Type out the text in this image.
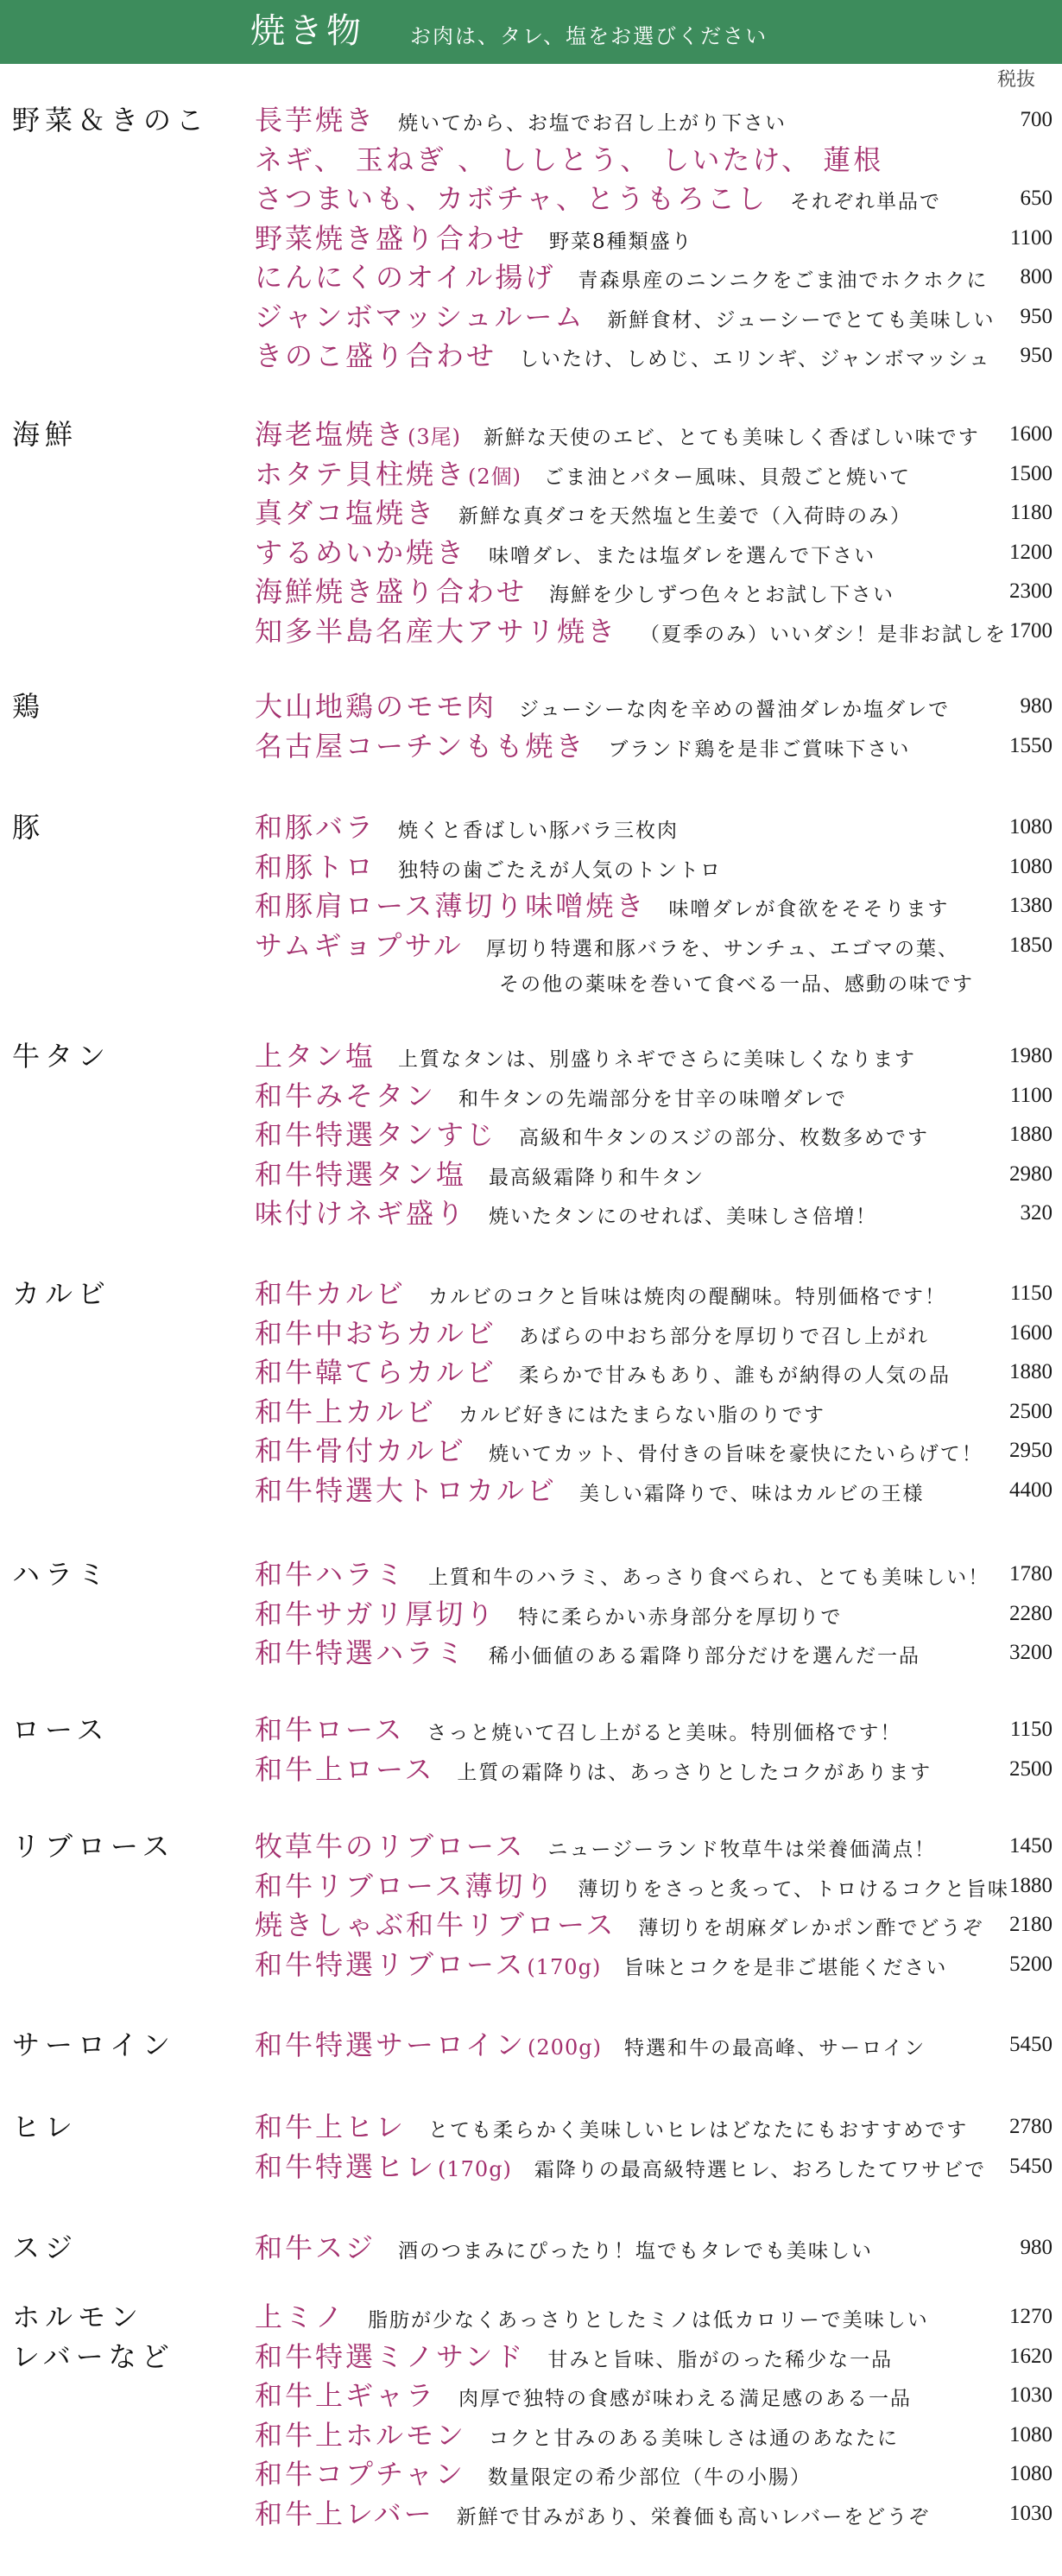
焼き物 お肉は、タレ、塩をお選びください
税抜
野菜＆きのこ 長芋焼き 焼いてから、お塩でお召し上がり下さい	700
ネギ、 玉ねぎ 、 ししとう、 しいたけ、 蓮根
さつまいも、カボチャ、とうもろこし それぞれ単品で	650
野菜焼き盛り合わせ 野菜8種類盛り	1100
にんにくのオイル揚げ 青森県産のニンニクをごま油でホクホクに 800
ジャンボマッシュルーム 新鮮食材、ジューシーでとても美味しい 950
きのこ盛り合わせ しいたけ、しめじ、エリンギ、ジャンボマッシュ 950
海鮮	海老塩焼き(3尾) 新鮮な天使のエビ、とても美味しく香ばしい味です 1600
ホタテ貝柱焼き(2個) ごま油とバター風味、貝殻ごと焼いて	1500
真ダコ塩焼き 新鮮な真ダコを天然塩と生姜で（入荷時のみ）	1180
するめいか焼き 味噌ダレ、または塩ダレを選んで下さい	1200
海鮮焼き盛り合わせ 海鮮を少しずつ色々とお試し下さい	2300
知多半島名産大アサリ焼き （夏季のみ）いいダシ！是非お試しを 1700
鶏	大山地鶏のモモ肉 ジューシーな肉を辛めの醤油ダレか塩ダレで	980
名古屋コーチンもも焼き ブランド鶏を是非ご賞味下さい	1550
豚	和豚バラ 焼くと香ばしい豚バラ三枚肉	1080
和豚トロ 独特の歯ごたえが人気のトントロ	1080
和豚肩ロース薄切り味噌焼き 味噌ダレが食欲をそそります	1380
サムギョプサル 厚切り特選和豚バラを、サンチュ、エゴマの葉、 1850
その他の薬味を巻いて食べる一品、感動の味です
牛タン	上タン塩 上質なタンは、別盛りネギでさらに美味しくなります	1980
和牛みそタン 和牛タンの先端部分を甘辛の味噌ダレで	1100
和牛特選タンすじ 高級和牛タンのスジの部分、枚数多めです	1880
和牛特選タン塩 最高級霜降り和牛タン	2980
味付けネギ盛り 焼いたタンにのせれば、美味しさ倍増！	320
カルビ	和牛カルビ カルビのコクと旨味は焼肉の醍醐味。特別価格です！	1150
和牛中おちカルビ あばらの中おち部分を厚切りで召し上がれ	1600
和牛韓てらカルビ 柔らかで甘みもあり、誰もが納得の人気の品	1880
和牛上カルビ カルビ好きにはたまらない脂のりです	2500
和牛骨付カルビ 焼いてカット、骨付きの旨味を豪快にたいらげて！ 2950
和牛特選大トロカルビ 美しい霜降りで、味はカルビの王様	4400
ハラミ	和牛ハラミ 上質和牛のハラミ、あっさり食べられ、とても美味しい！ 1780
和牛サガリ厚切り 特に柔らかい赤身部分を厚切りで	2280
和牛特選ハラミ 稀小価値のある霜降り部分だけを選んだ一品	3200
ロース	和牛ロース さっと焼いて召し上がると美味。特別価格です！	1150
和牛上ロース 上質の霜降りは、あっさりとしたコクがあります	2500
リブロース	牧草牛のリブロース ニュージーランド牧草牛は栄養価満点！	1450
和牛リブロース薄切り 薄切りをさっと炙って、トロけるコクと旨味 1880
焼きしゃぶ和牛リブロース 薄切りを胡麻ダレかポン酢でどうぞ 2180
和牛特選リブロース(170g) 旨味とコクを是非ご堪能ください	5200
サーロイン	和牛特選サーロイン(200g) 特選和牛の最高峰、サーロイン	5450
ヒレ	和牛上ヒレ とても柔らかく美味しいヒレはどなたにもおすすめです 2780
和牛特選ヒレ(170g) 霜降りの最高級特選ヒレ、おろしたてワサビで 5450
スジ	和牛スジ 酒のつまみにぴったり！塩でもタレでも美味しい	980
ホルモン
レバーなど
上ミノ 脂肪が少なくあっさりとしたミノは低カロリーで美味しい	1270
和牛特選ミノサンド 甘みと旨味、脂がのった稀少な一品	1620
和牛上ギャラ 肉厚で独特の食感が味わえる満足感のある一品	1030
和牛上ホルモン コクと甘みのある美味しさは通のあなたに	1080
和牛コプチャン 数量限定の希少部位（牛の小腸）	1080
和牛上レバー 新鮮で甘みがあり、栄養価も高いレバーをどうぞ	1030
